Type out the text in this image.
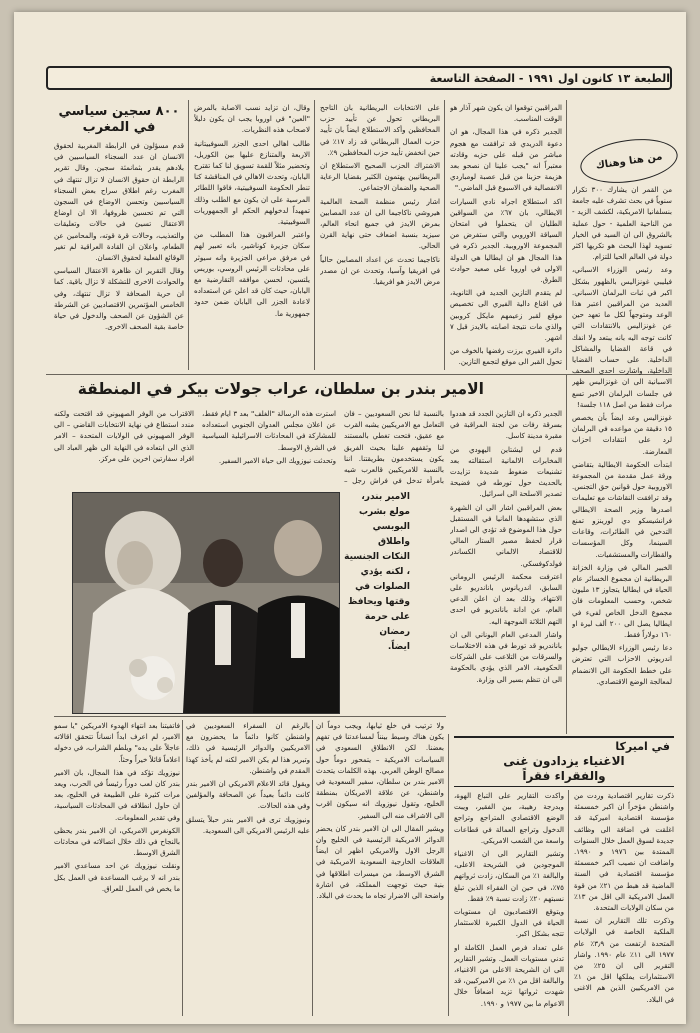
الطبعة ١٣ كانون اول ١٩٩١ - الصفحة التاسعة
من هنا وهناك

من القمر ان يشارك ٣٠٠ تكرار سنوياً في بحث تشرف عليه جامعة بنسلفانيا الامريكية، لكشف الزيد - من الناحية العلمية - حول عملية بالشروق الى ان السيد في الخيار تسويد لهذا البحث هو تكريها اكثر دولة في العالم الحيا للتزام.

وعد رئيس الوزراء الاسباني، فيليبي غونزاليس بالظهور بشكل اكبر في ثبات البرلمان الاسباني. العديد من المراقبين اعتبر هذا الوعد ومتوجهاً لكل ما تعهد حين عن غونزاليس بالانتقادات التي كانت توجه اليه بانه يبتعد ولا انفك في قاعة القضايا والمشاكل الداخلية. على حساب القضايا الداخلية، واشارت احدى الصحف الاسبانية الى ان غونزاليس ظهر في جلسات البرلمان الاخير تسع مرات فقط من اصل ١١٨ جلسة!

غونزاليس وعد ايضاً بأن يخصص ١٥ دقيقة من مواعده في البرلمان لرد على انتقادات احزاب المعارضة.

ابتدأت الحكومة الايطالية بتقاضي ورقة عمل مقدمة من المجموعة الاوروبية حول قوانين حق التجنس. وقد ترافقت النقاشات مع تعليمات اصدرها وزير الصحة الايطالي فرانشيسكو دي لورينزو تمنع التدخين في الطائرات، وقاعات السينما، وكل المؤسسات والقطارات والمستشفيات.

الخبير المالي في وزارة الخزانة البريطانية ان مجموع الخسائر عام الحياة في ايطاليا يتجاوز ١٣ مليون شخص، وحسب المعلومات فان مجموع الدخل الخاص لفيء في ايطاليا يصل الى ٢٠٠ ألف ليرة او ١٦٠ دولاراً فقط.

دعا رئيس الوزراء الايطالي جوليو اندريوتي الاحزاب التي تعترض على خطط الحكومة الى الانضمام لمعالجة الوضع الاقتصادي.

المراقبين توقعوا ان يكون شهر آذار هو الوقت المناسب.

الجدير ذكره في هذا المجال، هو ان دعوة الدريدي قد ترافقت مع هجوم مباشر من قبله على حزبه وقادته معتبراً انه "يجب علينا ان نصحو بعد هزيمة حزبنا من قبل عصبة لومباردي الانفصالية في الاسبوع قبل الماضي."

اكد استطلاع اجراه نادي السيارات الايطالي، بان ٦٧٪ من السواقين الطليان ان يتحملوا في امتحان السياقة الاوروبي والتي ستفرض من المجموعة الاوروبية. الجدير ذكره في هذا المجال هو ان ايطاليا هي الدولة الاولى في اوروبا على صعيد حوادث الطرق.

لم يتقدم التازين الجديد في الثانوية، في اقناع دالية الفيري الى تخصيص موقع لقبر زعيمهم مايكل كروبين والذي مات نتيجة اصابته بالايدز قبل ٧ اشهر.

دائرة الفيري برزت رفضها بالخوف من تحول القبر الى موقع لتجمع التازين.

الجدير ذكره ان التازين الجدد قد هددوا بسرقة رفات من لجنة المراقبة في مقبرة مدينة كاسل.

قدم لي ليشتاين اليهودي من المخابرات الالمانية استقالته بعد تشنيعات ضغوط شديدة تزايدت بالحديث حول تورطه في فضيحة تصدير الاسلحة الى اسرائيل.

بعض المراقبين اشار الى ان الشهرة الذي ستشهدها المانيا في المستقبل حول هذا الموضوع قد تؤدي الى اصدار قرار لحفظ مصير الستار المالي للاقتصاد الالماني الكساندر فولدكوفسكي.

اعترفت محكمة الرئيس الروماني السابق، اندريانوس باناندريو على الانتهاء، وذلك بعد ان اعلن الدعي العام، عن ادانة باناندريو في احدى التهم الثلاثة الموجهة اليه.

واشار المدعي العام اليوناني الى ان باناندريو قد تورط في هذه الاختلاسات والسرقات من التلاعب على الشركات الحكومية، الامر الذي يؤدي بالحكومة الى ان تنظم بسير الى وزارة.

على الانتخابات البريطانية بان التاجح البريطاني تحول عن تأييد حزب المحافظين وأكد الاستطلاع ايضاً بان تأييد حزب العمال البريطاني قد زاد ١٧٪ في حين انخفض تأييد حزب المحافظين ٩٪.

الاشتراك الحزب الصحيح الاستطلاع ان البريطانيين يهتمون الكثير بقضايا الرعاية الصحية والضمان الاجتماعي.

اشار رئيس منظمة الصحة العالمية هيروشي ناكاجيما الى ان عدد المصابين بمرض الايدز في جميع انحاء العالم، سيزيد بنسبة اضعاف حتى نهاية القرن الحالي.

ناكاجيما تحدث عن اعداد المصابين حالياً في افريقيا وآسيا، وتحدث عن ان مصدر مرض الايدز هو افريقيا.

وقال، ان تزايد نسب الاصابة بالمرض "العين" في اوروبا يجب ان يكون دليلاً لاصحاب هذه النظريات.

طالب اهالي احدى الجزر السوفييتانية الاربعة والمتنازع عليها بين الكوريل، وتحضير مثلاً للقمة تسويق لنا كما تقترح اليابان، وتحدث الاهالي في المناقشة كنا تنطر الحكومة السوفييتية، فاقوا اللطائر المرسية على ان يكون مع الطلب وذلك تمهيداً لدخولهم الحكم او الجمهوريات السوفييتية.

واعتبر المراقبون هذا المطلب من سكان جزيرة كوناشير، بانه تعبير لهم في مرفق مراعي الجزيرة وانه سيوثر على محادثات الرئيس الروسي، بوريس يلتسين، لحسن موافقه التقارضية مع اليابان، حيث كان قد اعلن عن استعداده لاعادة الجزر الى اليابان ضمن حدود جمهورية ما.

٨٠٠ سجين سياسي
في المغرب

قدم مسؤلون في الرابطة المغربية لحقوق الانسان ان عدد السجناء السياسيين في بلادهم يقدر بثمانمئة سجين. وقال تقرير الرابطة ان حقوق الانسان لا تزال تنتهك في المغرب رغم اطلاق سراح بعض السجناء السياسيين وتحسن الاوضاع في السجون التي تم تحسين ظروفها، الا ان اوضاع الاعتقال تسيئ في حالات وتعليقات والتعذيب، وحالات قرة قوته، والمحامين عن الطعام، واعلان ان القادة العراقية لم تغير الوقائع الفعلية لحقوق الانسان.

وقال التقرير ان ظاهرة الاعتقال السياسي والحوادث الاخرى للتشكلة لا تزال باقية. كما ان حرية الصحافة لا تزال تنتهك، وفي الخامس المؤتمرين الاقتصاديين عن الشرطة عن الشؤون عن الصحف والدخول في حياة خاصة بقية الصحف الاخرى.

الامير بندر بن سلطان، عراب جولات بيكر في المنطقة

بالنسبة لنا نحن السعوديين – فان التعامل مع الامريكيين يشبه القرب مع عقيق، فتحت تغطي بالمستند لنا وثقفهم علينا بحيث الفريق يكون يستخدمون بطريقتنا. اننا بالنسبة للامريكيين قالعرب شيه بامرأة تدخل في فراش رجل –

استرت هذه الرسالة "الغلف" بعد ٣ ايام فقط، عن اعلان مجلس العدوان الجنوبي استعداده للمشاركة في المحادثات الاسرائيلية السياسية في الشرق الاوسط.

وتحدثت نيوزويك الى حياة الامير السفير.

الاقتراب من الوفر الصهيوني قد اقتحت ولكنه مندد استطاع في نهاية الانتخابات القاضي – الى الوفر الصهيوني في الولايات المتحدة – الامر الذي الى ابتعاده في النهاية الى ظهر العباد الى افراد سفارتين اخرين على مركز.

الامير بندر،
مولع بشرب
البوبسي واطلاق
النكات الجنسية
، لكنه يؤدي
الصلوات في
وقتها ويحافظ
على حرمة رمضان
ايضاً.

ولا ترتيب في خلع ثيابها، ويجب دوماً ان يكون هناك وسيط بينناً لمساعدتنا في تفهم بعضنا. لكن الانطلاق السعودي في السياسات الامريكية – يتمحور دوماً حول مصالح الوطن العربي. بهذه الكلمات يتحدث الامير بندر بن سلطان، سفير السعودية في واشنطن، عن علاقة الامريكان بمنطقة الخليج، وتقول نيوزويك انه سيكون اقرب الى الاشراف منه الى السفير.

ويشير المقال الى ان الامير بندر كان يحضر الدوائر الامريكية الرئيسية في الخليج وان الرجل الاول والامريكي اظهر ان ايضاً العلاقات الخارجية السعودية الامريكية في الشرق الاوسط، من ميسرات اطلاقها في بنية حيث توجهت المملكة، في اشارة واضحة الى الاضرار تجاه ما يحدث في البلاد.

بالرغم ان السفراء السعوديين في واشنطن كانوا دائماً ما يحضرون مع الامريكيين والدوائر الرئيسية في ذلك، وتبرير هذا لم يكن الامير لكنه لم يأخذ كهذا المقدم في واشنطن.

ويقول قائد الاعلام الامريكي ان الامير بندر كانت دائماً بعيداً عن الصحافة والمؤلفين وفي هذه الحالات.

ونيوزويك ترى في الامير بندر حبلاً يتسلق عليه الرئيس الامريكي الى السعودية.

فاتفيتنا بعد انتهاء الهدوء الامريكين "يا سمو الامير، لم اعرف ابداً انساناً تتحقق اقالاته عاجلاً على يده" ويلطم الشراب، في دخوله اعلاماً قائلاً خيراً وحثاً.

نيوزويك تؤكد في هذا المجال، بان الامير بندر كان لعب دوراً رئيساً في الحرب، ويعد مرات كثيرة على الطبيعة في الخليج، بعد ان حاول انطلاقه في المحادثات السياسية، وفي تقدير المعلومات.

الكونغرس الامريكي، ان الامير بندر يحظى بالنجاح في ذلك خلال اتصالاته في محادثات الشرق الاوسط.

ونقلت نيوزويك عن احد مساعدي الامير بندر انه لا يرغب المساعدة في العمل بكل ما يخص في العمل للعراق.

في اميركا
الاغنياء يزدادون غنى
والفقراء فقراً

ذكرت تقارير اقتصادية وردت من واشنطن مؤخراً ان اكبر خمسمئة مؤسسة اقتصادية اميركية قد اغلقت في اضافة الى وظائف جديدة لسوق العمل خلال السنوات الممتدة بين ١٩٧٦ و ١٩٩٠. واضافت ان نصيب اكبر خمسمئة مؤسسة اقتصادية في السنة الماضية قد هبط من ٢١٪ من قوة العمل الامريكية الى اقل من ١٣٪ من سكان الولايات المتحدة.

وذكرت تلك التقارير ان نسبة الملكية الخاصة في الولايات المتحدة ارتفعت من ٣٫٩٪ عام ١٩٧٧ الى ١١٪ عام ١٩٩٠. واشار التقرير الى ان ٢٥٪ من الاستثمارات يملكها اقل من ١٪ من الامريكيين الذين هم الاغنى في البلاد.

واكدت التقارير على التباع الهوة، وبدرجة رهيبة، بين الفقير، ويبت الوضع الاقتصادي المتراجع وتراجع الدخول وتراجع العمالة في قطاعات واسعة من الشعب الامريكي.

وتشير التقارير الى ان الاغنياء الموجودين في الشريحة الاعلى، والبالغة ١٪ من السكان، زادت ثرواتهم ٧٥٪، في حين ان الفقراء الذين تبلغ نسبتهم ٢٠٪ زادت نسبة ٩٪ فقط.

ويتوقع الاقتصاديون ان مستويات الحياة في الدول الكبيرة للاستثمار تتجه بشكل اكبر.

على تعداد فرص العمل الكاملة او تدني مستويات العمل. وتشير التقارير الى ان الشريحة الاعلى من الاغنياء، والبالغة اقل من ١٪ من الاميركيين، قد شهدت ثرواتها تزيد اضعافاً خلال الاعوام ما بين ١٩٧٧ و ١٩٩٠.
